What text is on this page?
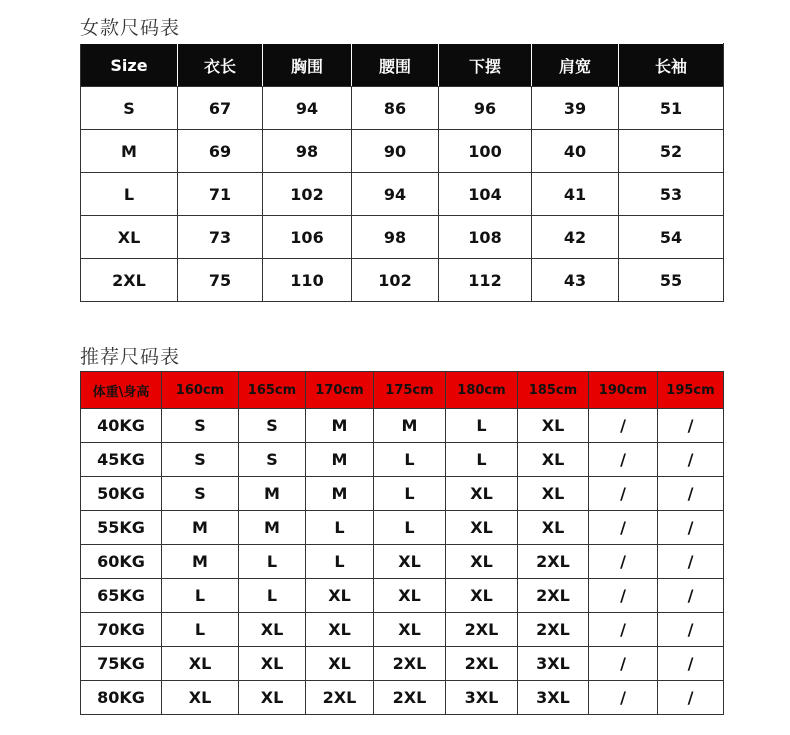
女款尺码表
Size	衣长	胸围	腰围	下摆	肩宽	长袖
S	67	94	86	96	39	51
M	69	98	90	100	40	52
L	71	102	94	104	41	53
XL	73	106	98	108	42	54
2XL	75	110	102	112	43	55
推荐尺码表
体重\身高	160cm	165cm	170cm	175cm	180cm	185cm	190cm	195cm
40KG	S	S	M	M	L	XL	/	/
45KG	S	S	M	L	L	XL	/	/
50KG	S	M	M	L	XL	XL	/	/
55KG	M	M	L	L	XL	XL	/	/
60KG	M	L	L	XL	XL	2XL	/	/
65KG	L	L	XL	XL	XL	2XL	/	/
70KG	L	XL	XL	XL	2XL	2XL	/	/
75KG	XL	XL	XL	2XL	2XL	3XL	/	/
80KG	XL	XL	2XL	2XL	3XL	3XL	/	/
